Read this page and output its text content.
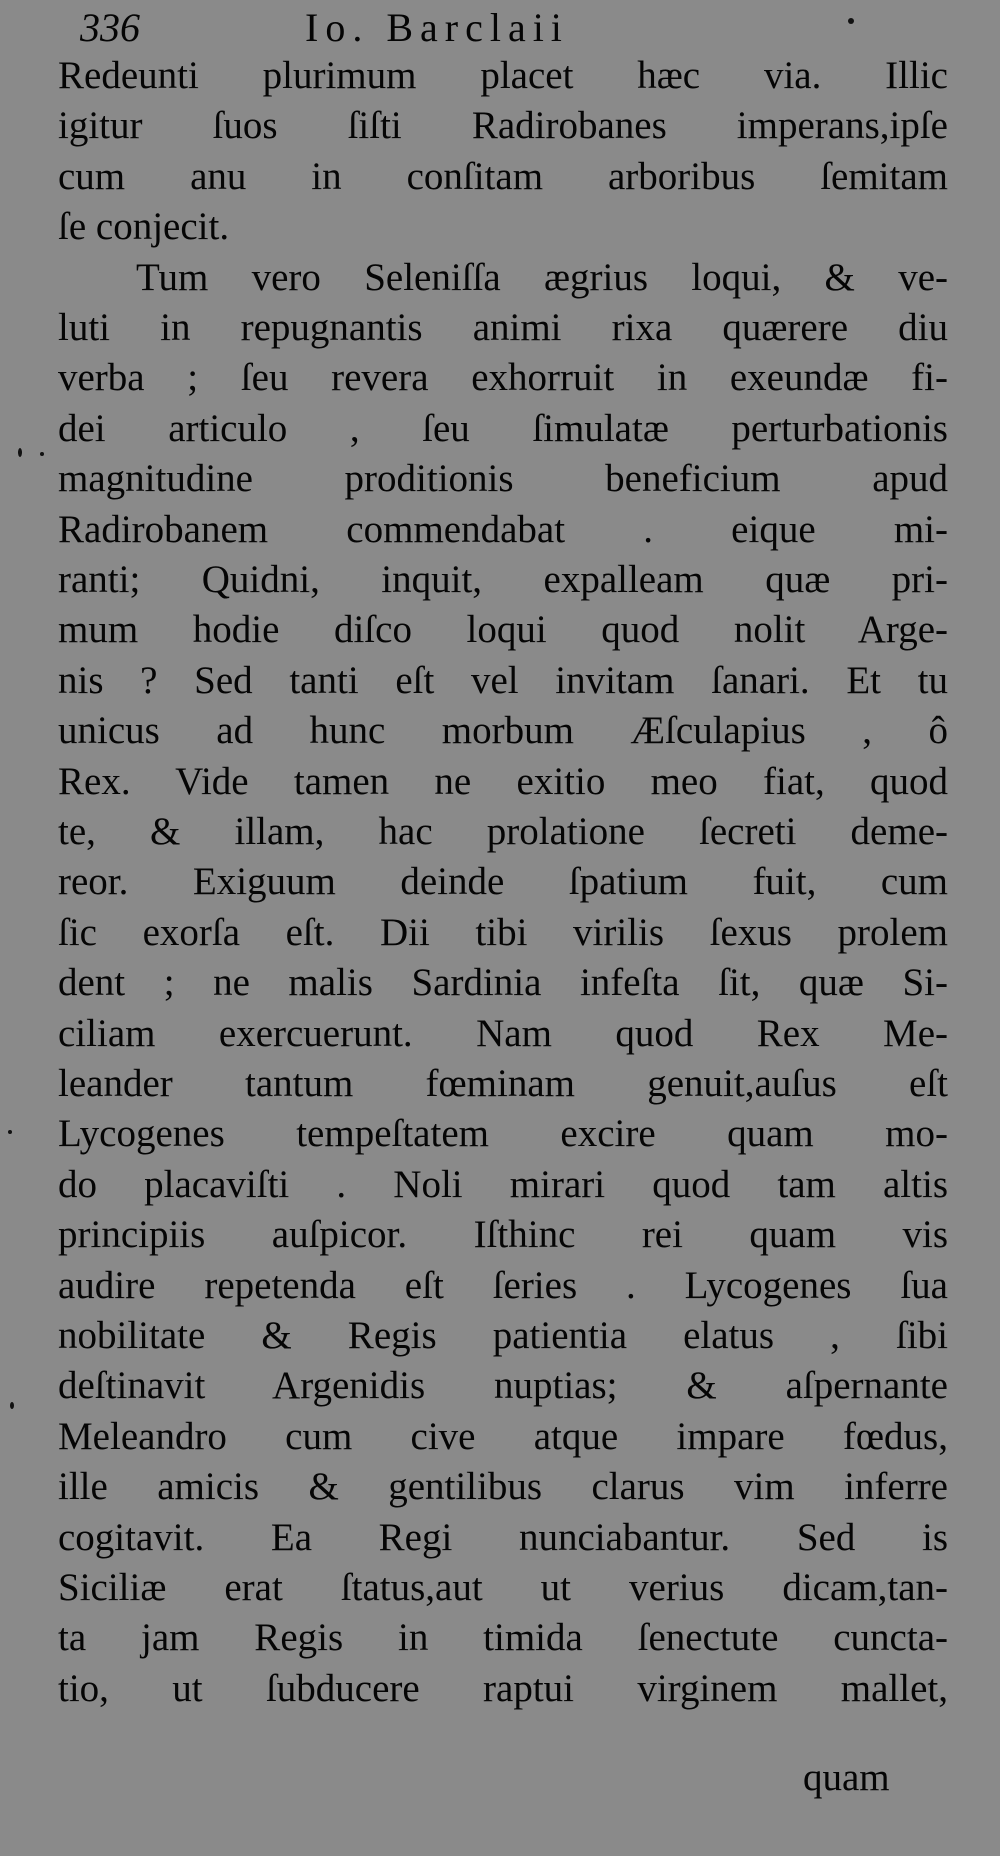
336	Io. Barclaii
Redeunti plurimum placet hæc via. Illic
igitur ſuos ſiſti Radirobanes imperans,ipſe
cum anu in conſitam arboribus ſemitam
ſe conjecit.
Tum vero Seleniſſa ægrius loqui, & ve-
luti in repugnantis animi rixa quærere diu
verba ; ſeu revera exhorruit in exeundæ fi-
dei articulo , ſeu ſimulatæ perturbationis
magnitudine proditionis beneficium apud
Radirobanem commendabat . eique mi-
ranti; Quidni, inquit, expalleam quæ pri-
mum hodie diſco loqui quod nolit Arge-
nis ? Sed tanti eſt vel invitam ſanari. Et tu
unicus ad hunc morbum Æſculapius , ô
Rex. Vide tamen ne exitio meo fiat, quod
te, & illam, hac prolatione ſecreti deme-
reor. Exiguum deinde ſpatium fuit, cum
ſic exorſa eſt. Dii tibi virilis ſexus prolem
dent ; ne malis Sardinia infeſta ſit, quæ Si-
ciliam exercuerunt. Nam quod Rex Me-
leander tantum fœminam genuit,auſus eſt
Lycogenes tempeſtatem excire quam mo-
do placaviſti . Noli mirari quod tam altis
principiis auſpicor. Iſthinc rei quam vis
audire repetenda eſt ſeries . Lycogenes ſua
nobilitate & Regis patientia elatus , ſibi
deſtinavit Argenidis nuptias; & aſpernante
Meleandro cum cive atque impare fœdus,
ille amicis & gentilibus clarus vim inferre
cogitavit. Ea Regi nunciabantur. Sed is
Siciliæ erat ſtatus,aut ut verius dicam,tan-
ta jam Regis in timida ſenectute cuncta-
tio, ut ſubducere raptui virginem mallet,
quam
